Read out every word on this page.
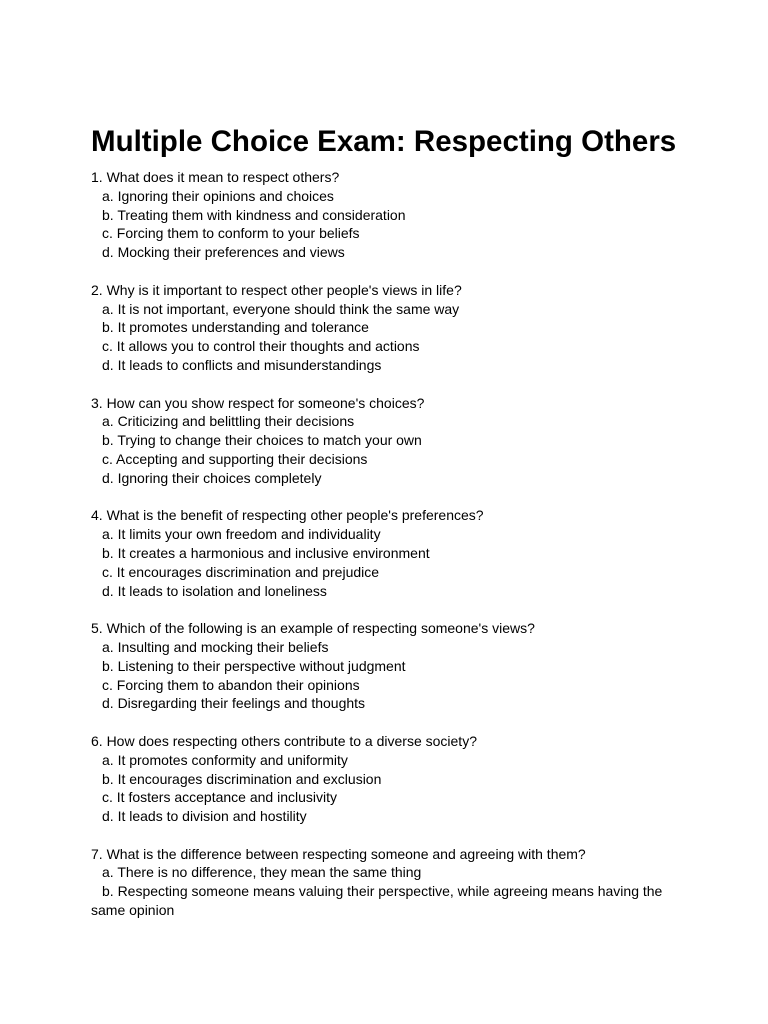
Multiple Choice Exam: Respecting Others
1. What does it mean to respect others?
a. Ignoring their opinions and choices
b. Treating them with kindness and consideration
c. Forcing them to conform to your beliefs
d. Mocking their preferences and views
2. Why is it important to respect other people's views in life?
a. It is not important, everyone should think the same way
b. It promotes understanding and tolerance
c. It allows you to control their thoughts and actions
d. It leads to conflicts and misunderstandings
3. How can you show respect for someone's choices?
a. Criticizing and belittling their decisions
b. Trying to change their choices to match your own
c. Accepting and supporting their decisions
d. Ignoring their choices completely
4. What is the benefit of respecting other people's preferences?
a. It limits your own freedom and individuality
b. It creates a harmonious and inclusive environment
c. It encourages discrimination and prejudice
d. It leads to isolation and loneliness
5. Which of the following is an example of respecting someone's views?
a. Insulting and mocking their beliefs
b. Listening to their perspective without judgment
c. Forcing them to abandon their opinions
d. Disregarding their feelings and thoughts
6. How does respecting others contribute to a diverse society?
a. It promotes conformity and uniformity
b. It encourages discrimination and exclusion
c. It fosters acceptance and inclusivity
d. It leads to division and hostility
7. What is the difference between respecting someone and agreeing with them?
a. There is no difference, they mean the same thing
b. Respecting someone means valuing their perspective, while agreeing means having the same opinion
